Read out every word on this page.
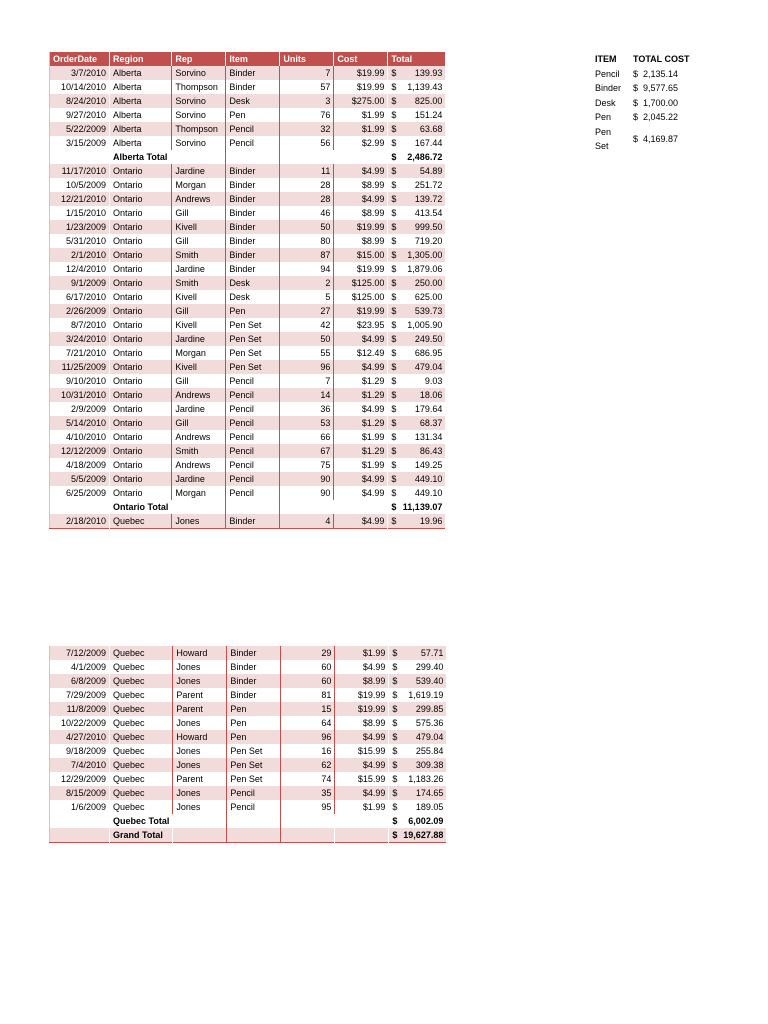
OrderDate	Region	Rep	Item	Units	Cost	Total
3/7/2010	Alberta	Sorvino	Binder	7	$19.99	$ 139.93

10/14/2010	Alberta	Thompson	Binder	57	$19.99	$ 1,139.43

8/24/2010	Alberta	Sorvino	Desk	3	$275.00	$ 825.00

9/27/2010	Alberta	Sorvino	Pen	76	$1.99	$ 151.24

5/22/2009	Alberta	Thompson	Pencil	32	$1.99	$ 63.68

3/15/2009	Alberta	Sorvino	Pencil	56	$2.99	$ 167.44

	Alberta Total					$ 2,486.72

11/17/2010	Ontario	Jardine	Binder	11	$4.99	$ 54.89

10/5/2009	Ontario	Morgan	Binder	28	$8.99	$ 251.72

12/21/2010	Ontario	Andrews	Binder	28	$4.99	$ 139.72

1/15/2010	Ontario	Gill	Binder	46	$8.99	$ 413.54

1/23/2009	Ontario	Kivell	Binder	50	$19.99	$ 999.50

5/31/2010	Ontario	Gill	Binder	80	$8.99	$ 719.20

2/1/2010	Ontario	Smith	Binder	87	$15.00	$ 1,305.00

12/4/2010	Ontario	Jardine	Binder	94	$19.99	$ 1,879.06

9/1/2009	Ontario	Smith	Desk	2	$125.00	$ 250.00

6/17/2010	Ontario	Kivell	Desk	5	$125.00	$ 625.00

2/26/2009	Ontario	Gill	Pen	27	$19.99	$ 539.73

8/7/2010	Ontario	Kivell	Pen Set	42	$23.95	$ 1,005.90

3/24/2010	Ontario	Jardine	Pen Set	50	$4.99	$ 249.50

7/21/2010	Ontario	Morgan	Pen Set	55	$12.49	$ 686.95

11/25/2009	Ontario	Kivell	Pen Set	96	$4.99	$ 479.04

9/10/2010	Ontario	Gill	Pencil	7	$1.29	$ 9.03

10/31/2010	Ontario	Andrews	Pencil	14	$1.29	$ 18.06

2/9/2009	Ontario	Jardine	Pencil	36	$4.99	$ 179.64

5/14/2010	Ontario	Gill	Pencil	53	$1.29	$ 68.37

4/10/2010	Ontario	Andrews	Pencil	66	$1.99	$ 131.34

12/12/2009	Ontario	Smith	Pencil	67	$1.29	$ 86.43

4/18/2009	Ontario	Andrews	Pencil	75	$1.99	$ 149.25

5/5/2009	Ontario	Jardine	Pencil	90	$4.99	$ 449.10

6/25/2009	Ontario	Morgan	Pencil	90	$4.99	$ 449.10

	Ontario Total					$ 11,139.07

2/18/2010	Quebec	Jones	Binder	4	$4.99	$ 19.96
7/12/2009	Quebec	Howard	Binder	29	$1.99	$ 57.71

4/1/2009	Quebec	Jones	Binder	60	$4.99	$ 299.40

6/8/2009	Quebec	Jones	Binder	60	$8.99	$ 539.40

7/29/2009	Quebec	Parent	Binder	81	$19.99	$ 1,619.19

11/8/2009	Quebec	Parent	Pen	15	$19.99	$ 299.85

10/22/2009	Quebec	Jones	Pen	64	$8.99	$ 575.36

4/27/2010	Quebec	Howard	Pen	96	$4.99	$ 479.04

9/18/2009	Quebec	Jones	Pen Set	16	$15.99	$ 255.84

7/4/2010	Quebec	Jones	Pen Set	62	$4.99	$ 309.38

12/29/2009	Quebec	Parent	Pen Set	74	$15.99	$ 1,183.26

8/15/2009	Quebec	Jones	Pencil	35	$4.99	$ 174.65

1/6/2009	Quebec	Jones	Pencil	95	$1.99	$ 189.05

	Quebec Total					$ 6,002.09

	Grand Total					$ 19,627.88
ITEM	TOTAL COST
Pencil	$ 2,135.14
Binder	$ 9,577.65
Desk	$ 1,700.00
Pen	$ 2,045.22
Pen Set	$ 4,169.87
